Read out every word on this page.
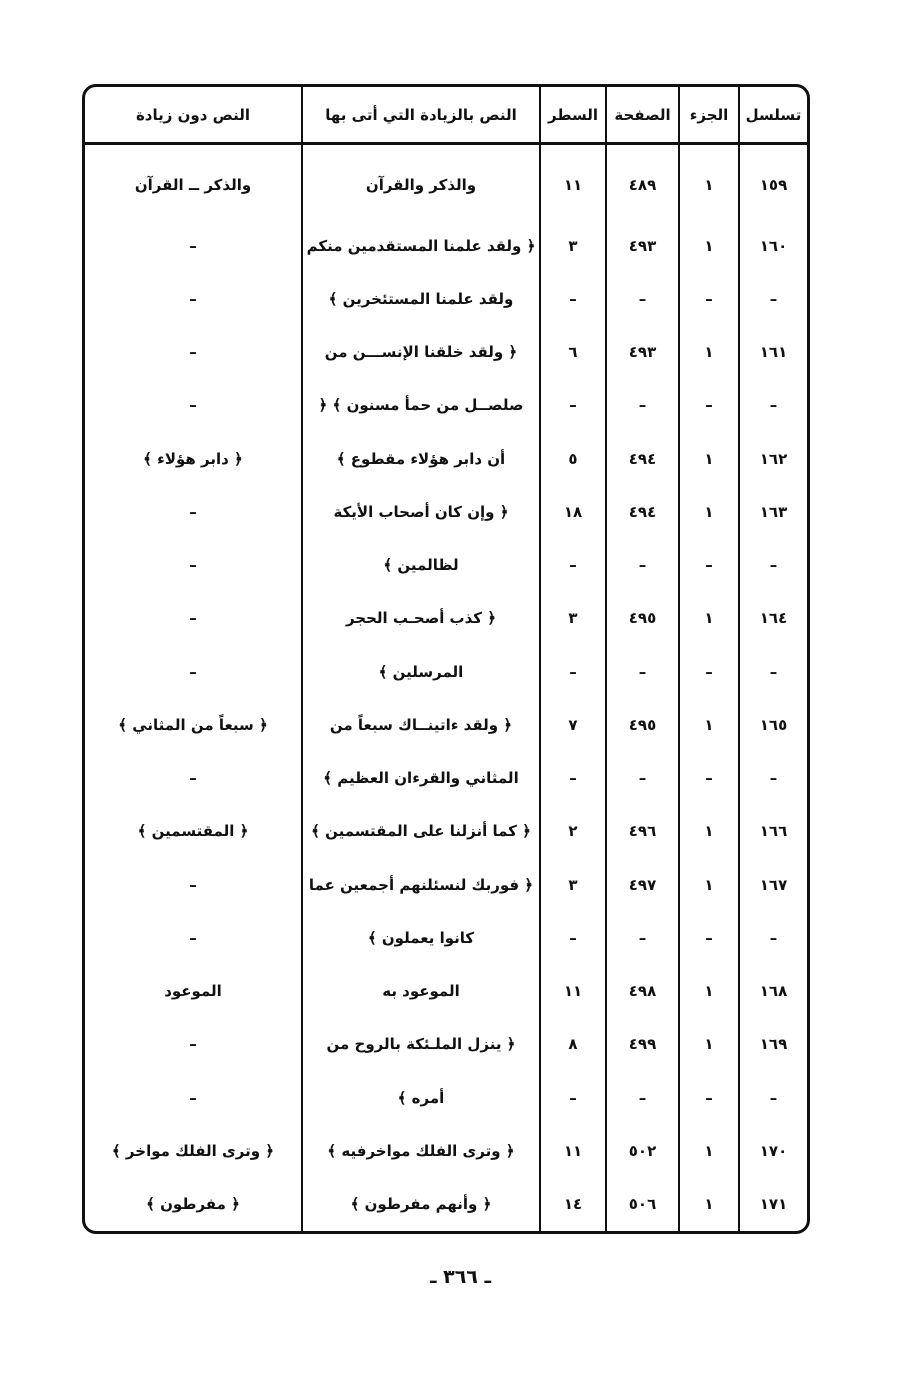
تسلسل	الجزء	الصفحة	السطر	النص بالزيادة التي أتى بها	النص دون زيادة
١٥٩	١	٤٨٩	١١	والذكر والقرآن	والذكر ــ القرآن
١٦٠	١	٤٩٣	٣	﴿ ولقد علمنا المستقدمين منكم	–
–	–	–	–	ولقد علمنا المستئخرين ﴾	–
١٦١	١	٤٩٣	٦	﴿ ولقد خلقنا الإنســـن من	–
–	–	–	–	صلصــل من حمأ مسنون ﴾ ﴿	–
١٦٢	١	٤٩٤	٥	أن دابر هؤلاء مقطوع ﴾	﴿ دابر هؤلاء ﴾
١٦٣	١	٤٩٤	١٨	﴿ وإن كان أصحاب الأيكة	–
–	–	–	–	لظالمين ﴾	–
١٦٤	١	٤٩٥	٣	﴿ كذب أصحـب الحجر	–
–	–	–	–	المرسلين ﴾	–
١٦٥	١	٤٩٥	٧	﴿ ولقد ءاتينــاك سبعاً من	﴿ سبعاً من المثاني ﴾
–	–	–	–	المثاني والقرءان العظيم ﴾	–
١٦٦	١	٤٩٦	٢	﴿ كما أنزلنا على المقتسمين ﴾	﴿ المقتسمين ﴾
١٦٧	١	٤٩٧	٣	﴿ فوربك لنسئلنهم أجمعين عما	–
–	–	–	–	كانوا يعملون ﴾	–
١٦٨	١	٤٩٨	١١	الموعود به	الموعود
١٦٩	١	٤٩٩	٨	﴿ ينزل الملـئكة بالروح من	–
–	–	–	–	أمره ﴾	–
١٧٠	١	٥٠٢	١١	﴿ وترى الفلك مواخرفيه ﴾	﴿ وترى الفلك مواخر ﴾
١٧١	١	٥٠٦	١٤	﴿ وأنهم مفرطون ﴾	﴿ مفرطون ﴾
ـ ٣٦٦ ـ
